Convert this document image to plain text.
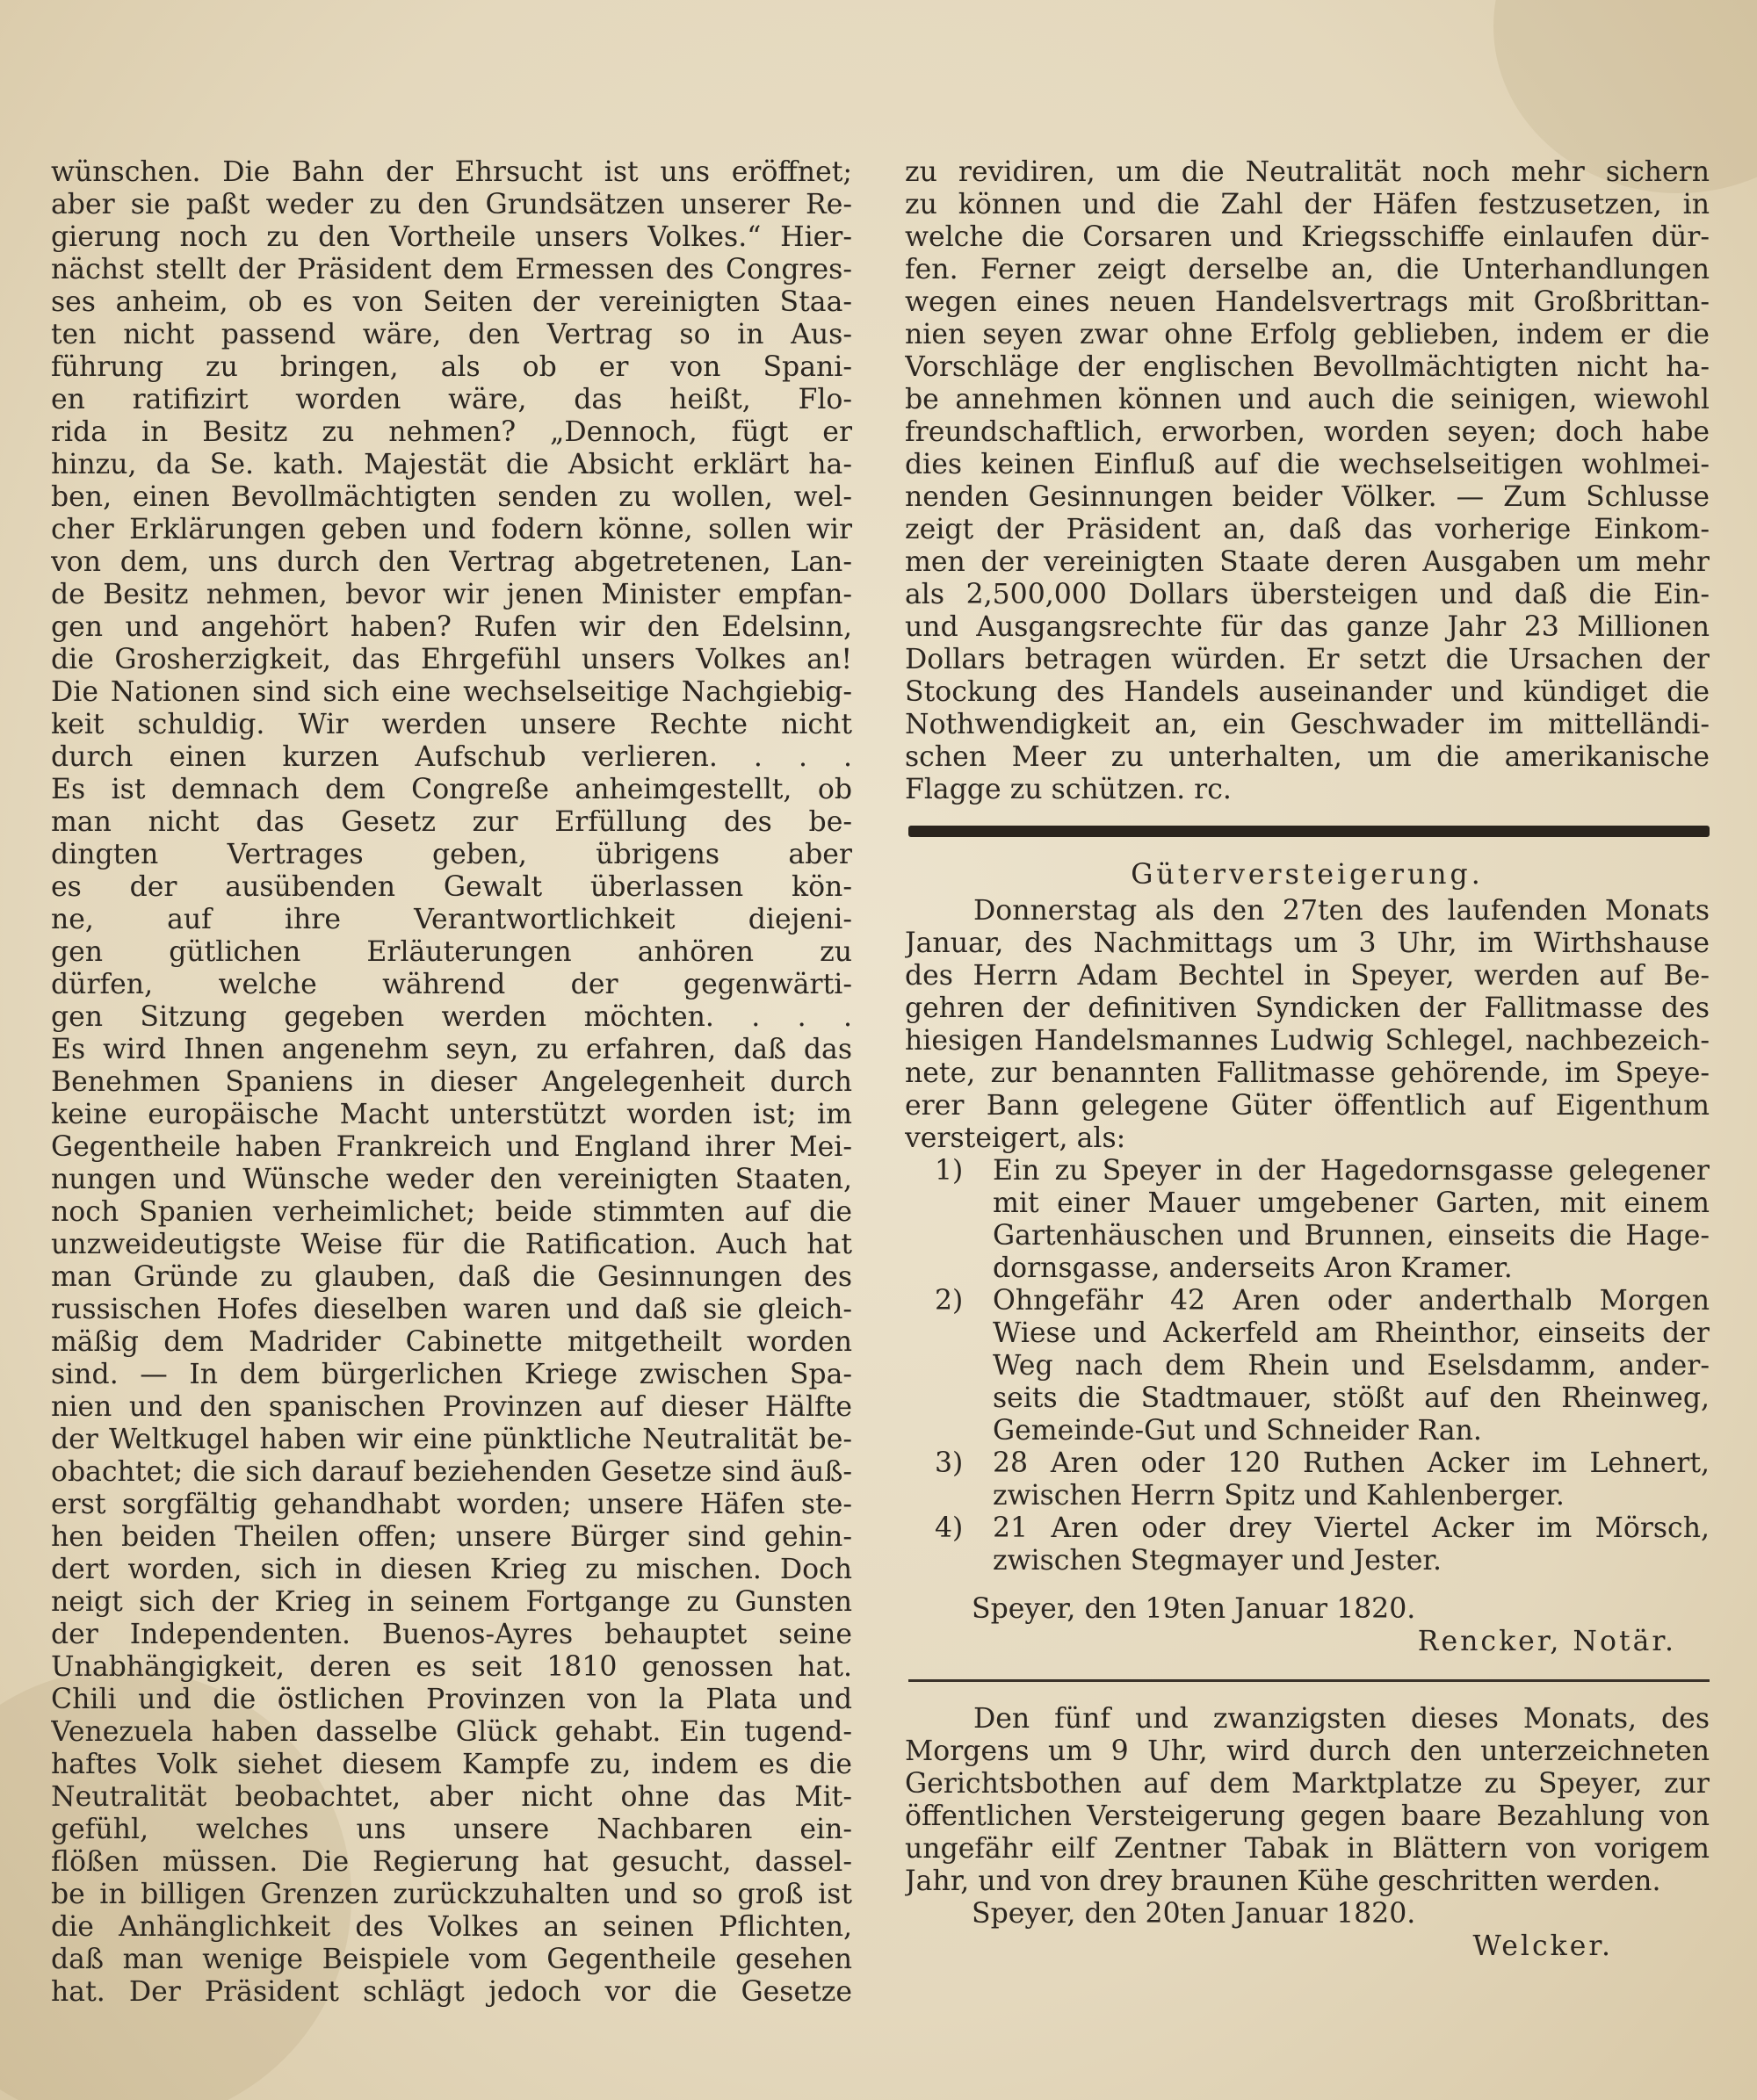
wünschen. Die Bahn der Ehrsucht ist uns eröffnet;
aber sie paßt weder zu den Grundsätzen unserer Re-
gierung noch zu den Vortheile unsers Volkes.“ Hier-
nächst stellt der Präsident dem Ermessen des Congres-
ses anheim, ob es von Seiten der vereinigten Staa-
ten nicht passend wäre, den Vertrag so in Aus-
führung zu bringen, als ob er von Spani-
en ratifizirt worden wäre, das heißt, Flo-
rida in Besitz zu nehmen? „Dennoch, fügt er
hinzu, da Se. kath. Majestät die Absicht erklärt ha-
ben, einen Bevollmächtigten senden zu wollen, wel-
cher Erklärungen geben und fodern könne, sollen wir
von dem, uns durch den Vertrag abgetretenen, Lan-
de Besitz nehmen, bevor wir jenen Minister empfan-
gen und angehört haben? Rufen wir den Edelsinn,
die Grosherzigkeit, das Ehrgefühl unsers Volkes an!
Die Nationen sind sich eine wechselseitige Nachgiebig-
keit schuldig. Wir werden unsere Rechte nicht
durch einen kurzen Aufschub verlieren. . . .
Es ist demnach dem Congreße anheimgestellt, ob
man nicht das Gesetz zur Erfüllung des be-
dingten Vertrages geben, übrigens aber
es der ausübenden Gewalt überlassen kön-
ne, auf ihre Verantwortlichkeit diejeni-
gen gütlichen Erläuterungen anhören zu
dürfen, welche während der gegenwärti-
gen Sitzung gegeben werden möchten. . . .
Es wird Ihnen angenehm seyn, zu erfahren, daß das
Benehmen Spaniens in dieser Angelegenheit durch
keine europäische Macht unterstützt worden ist; im
Gegentheile haben Frankreich und England ihrer Mei-
nungen und Wünsche weder den vereinigten Staaten,
noch Spanien verheimlichet; beide stimmten auf die
unzweideutigste Weise für die Ratification. Auch hat
man Gründe zu glauben, daß die Gesinnungen des
russischen Hofes dieselben waren und daß sie gleich-
mäßig dem Madrider Cabinette mitgetheilt worden
sind. — In dem bürgerlichen Kriege zwischen Spa-
nien und den spanischen Provinzen auf dieser Hälfte
der Weltkugel haben wir eine pünktliche Neutralität be-
obachtet; die sich darauf beziehenden Gesetze sind äuß-
erst sorgfältig gehandhabt worden; unsere Häfen ste-
hen beiden Theilen offen; unsere Bürger sind gehin-
dert worden, sich in diesen Krieg zu mischen. Doch
neigt sich der Krieg in seinem Fortgange zu Gunsten
der Independenten. Buenos-Ayres behauptet seine
Unabhängigkeit, deren es seit 1810 genossen hat.
Chili und die östlichen Provinzen von la Plata und
Venezuela haben dasselbe Glück gehabt. Ein tugend-
haftes Volk siehet diesem Kampfe zu, indem es die
Neutralität beobachtet, aber nicht ohne das Mit-
gefühl, welches uns unsere Nachbaren ein-
flößen müssen. Die Regierung hat gesucht, dassel-
be in billigen Grenzen zurückzuhalten und so groß ist
die Anhänglichkeit des Volkes an seinen Pflichten,
daß man wenige Beispiele vom Gegentheile gesehen
hat. Der Präsident schlägt jedoch vor die Gesetze
zu revidiren, um die Neutralität noch mehr sichern
zu können und die Zahl der Häfen festzusetzen, in
welche die Corsaren und Kriegsschiffe einlaufen dür-
fen. Ferner zeigt derselbe an, die Unterhandlungen
wegen eines neuen Handelsvertrags mit Großbrittan-
nien seyen zwar ohne Erfolg geblieben, indem er die
Vorschläge der englischen Bevollmächtigten nicht ha-
be annehmen können und auch die seinigen, wiewohl
freundschaftlich, erworben, worden seyen; doch habe
dies keinen Einfluß auf die wechselseitigen wohlmei-
nenden Gesinnungen beider Völker. — Zum Schlusse
zeigt der Präsident an, daß das vorherige Einkom-
men der vereinigten Staate deren Ausgaben um mehr
als 2,500,000 Dollars übersteigen und daß die Ein-
und Ausgangsrechte für das ganze Jahr 23 Millionen
Dollars betragen würden. Er setzt die Ursachen der
Stockung des Handels auseinander und kündiget die
Nothwendigkeit an, ein Geschwader im mittelländi-
schen Meer zu unterhalten, um die amerikanische
Flagge zu schützen. rc.
Güterversteigerung.
Donnerstag als den 27ten des laufenden Monats
Januar, des Nachmittags um 3 Uhr, im Wirthshause
des Herrn Adam Bechtel in Speyer, werden auf Be-
gehren der definitiven Syndicken der Fallitmasse des
hiesigen Handelsmannes Ludwig Schlegel, nachbezeich-
nete, zur benannten Fallitmasse gehörende, im Speye-
erer Bann gelegene Güter öffentlich auf Eigenthum
versteigert, als:
1)	Ein zu Speyer in der Hagedornsgasse gelegener
mit einer Mauer umgebener Garten, mit einem
Gartenhäuschen und Brunnen, einseits die Hage-
dornsgasse, anderseits Aron Kramer.
2)	Ohngefähr 42 Aren oder anderthalb Morgen
Wiese und Ackerfeld am Rheinthor, einseits der
Weg nach dem Rhein und Eselsdamm, ander-
seits die Stadtmauer, stößt auf den Rheinweg,
Gemeinde-Gut und Schneider Ran.
3)	28 Aren oder 120 Ruthen Acker im Lehnert,
zwischen Herrn Spitz und Kahlenberger.
4)	21 Aren oder drey Viertel Acker im Mörsch,
zwischen Stegmayer und Jester.
Speyer, den 19ten Januar 1820.
Rencker, Notär.
Den fünf und zwanzigsten dieses Monats, des
Morgens um 9 Uhr, wird durch den unterzeichneten
Gerichtsbothen auf dem Marktplatze zu Speyer, zur
öffentlichen Versteigerung gegen baare Bezahlung von
ungefähr eilf Zentner Tabak in Blättern von vorigem
Jahr, und von drey braunen Kühe geschritten werden.
Speyer, den 20ten Januar 1820.
Welcker.
